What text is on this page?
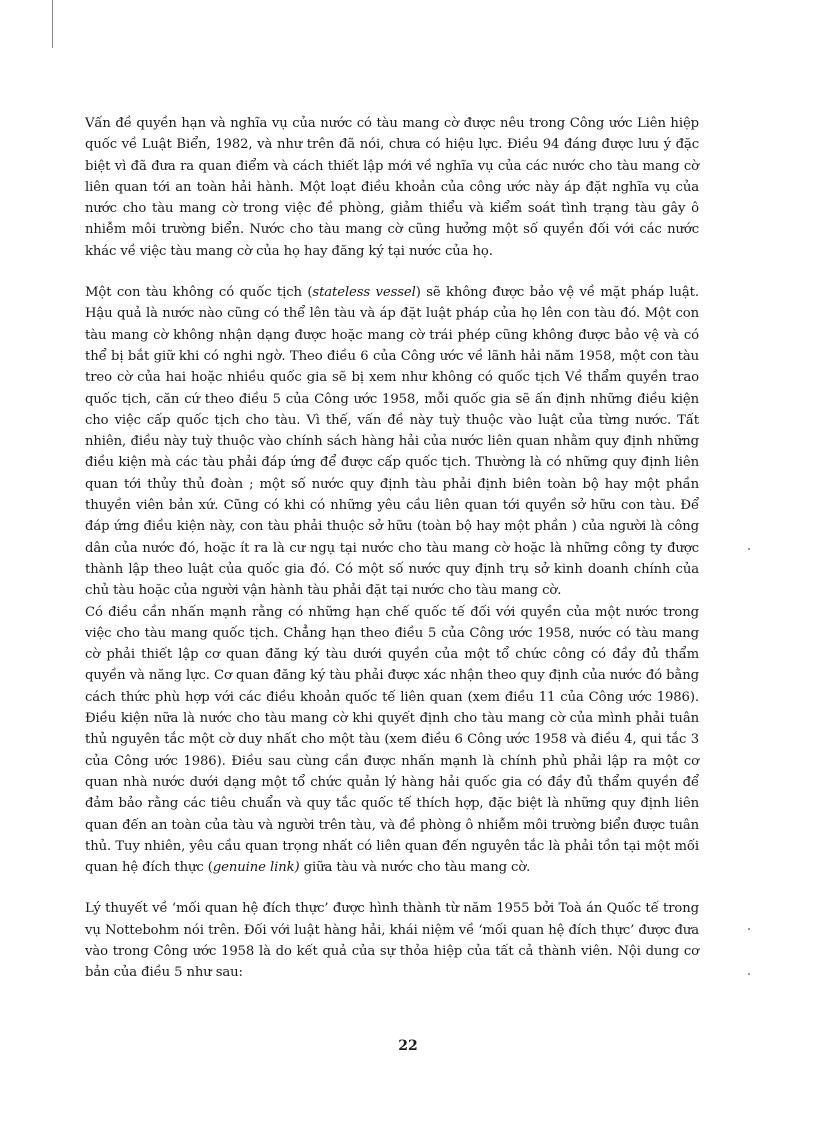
Vấn đề quyền hạn và nghĩa vụ của nước có tàu mang cờ được nêu trong Công ước Liên hiệp quốc về Luật Biển, 1982, và như trên đã nói, chưa có hiệu lực. Điều 94 đáng được lưu ý đặc biệt vì đã đưa ra quan điểm và cách thiết lập mới về nghĩa vụ của các nước cho tàu mang cờ liên quan tới an toàn hải hành. Một loạt điều khoản của công ước này áp đặt nghĩa vụ của nước cho tàu mang cờ trong việc đề phòng, giảm thiểu và kiểm soát tình trạng tàu gây ô nhiễm môi trường biển. Nước cho tàu mang cờ cũng hưởng một số quyền đối với các nước khác về việc tàu mang cờ của họ hay đăng ký tại nước của họ.

Một con tàu không có quốc tịch (stateless vessel) sẽ không được bảo vệ về mặt pháp luật. Hậu quả là nước nào cũng có thể lên tàu và áp đặt luật pháp của họ lên con tàu đó. Một con tàu mang cờ không nhận dạng được hoặc mang cờ trái phép cũng không được bảo vệ và có thể bị bắt giữ khi có nghi ngờ. Theo điều 6 của Công ước về lãnh hải năm 1958, một con tàu treo cờ của hai hoặc nhiều quốc gia sẽ bị xem như không có quốc tịch Về thẩm quyền trao quốc tịch, căn cứ theo điều 5 của Công ước 1958, mỗi quốc gia sẽ ấn định những điều kiện cho việc cấp quốc tịch cho tàu. Vì thế, vấn đề này tuỳ thuộc vào luật của từng nước. Tất nhiên, điều này tuỳ thuộc vào chính sách hàng hải của nước liên quan nhằm quy định những điều kiện mà các tàu phải đáp ứng để được cấp quốc tịch. Thường là có những quy định liên quan tới thủy thủ đoàn ; một số nước quy định tàu phải định biên toàn bộ hay một phần thuyền viên bản xứ. Cũng có khi có những yêu cầu liên quan tới quyền sở hữu con tàu. Để đáp ứng điều kiện này, con tàu phải thuộc sở hữu (toàn bộ hay một phần ) của người là công dân của nước đó, hoặc ít ra là cư ngụ tại nước cho tàu mang cờ hoặc là những công ty được thành lập theo luật của quốc gia đó. Có một số nước quy định trụ sở kinh doanh chính của chủ tàu hoặc của người vận hành tàu phải đặt tại nước cho tàu mang cờ.

Có điều cần nhấn mạnh rằng có những hạn chế quốc tế đối với quyền của một nước trong việc cho tàu mang quốc tịch. Chẳng hạn theo điều 5 của Công ước 1958, nước có tàu mang cờ phải thiết lập cơ quan đăng ký tàu dưới quyền của một tổ chức công có đầy đủ thẩm quyền và năng lực. Cơ quan đăng ký tàu phải được xác nhận theo quy định của nước đó bằng cách thức phù hợp với các điều khoản quốc tế liên quan (xem điều 11 của Công ước 1986). Điều kiện nữa là nước cho tàu mang cờ khi quyết định cho tàu mang cờ của mình phải tuân thủ nguyên tắc một cờ duy nhất cho một tàu (xem điều 6 Công ước 1958 và điều 4, qui tắc 3 của Công ước 1986). Điều sau cùng cần được nhấn mạnh là chính phủ phải lập ra một cơ quan nhà nước dưới dạng một tổ chức quản lý hàng hải quốc gia có đầy đủ thẩm quyền để đảm bảo rằng các tiêu chuẩn và quy tắc quốc tế thích hợp, đặc biệt là những quy định liên quan đến an toàn của tàu và người trên tàu, và đề phòng ô nhiễm môi trường biển được tuân thủ. Tuy nhiên, yêu cầu quan trọng nhất có liên quan đến nguyên tắc là phải tồn tại một mối quan hệ đích thực (genuine link) giữa tàu và nước cho tàu mang cờ.

Lý thuyết về ‘mối quan hệ đích thực’ được hình thành từ năm 1955 bởi Toà án Quốc tế trong vụ Nottebohm nói trên. Đối với luật hàng hải, khái niệm về ‘mối quan hệ đích thực’ được đưa vào trong Công ước 1958 là do kết quả của sự thỏa hiệp của tất cả thành viên. Nội dung cơ bản của điều 5 như sau:

22
